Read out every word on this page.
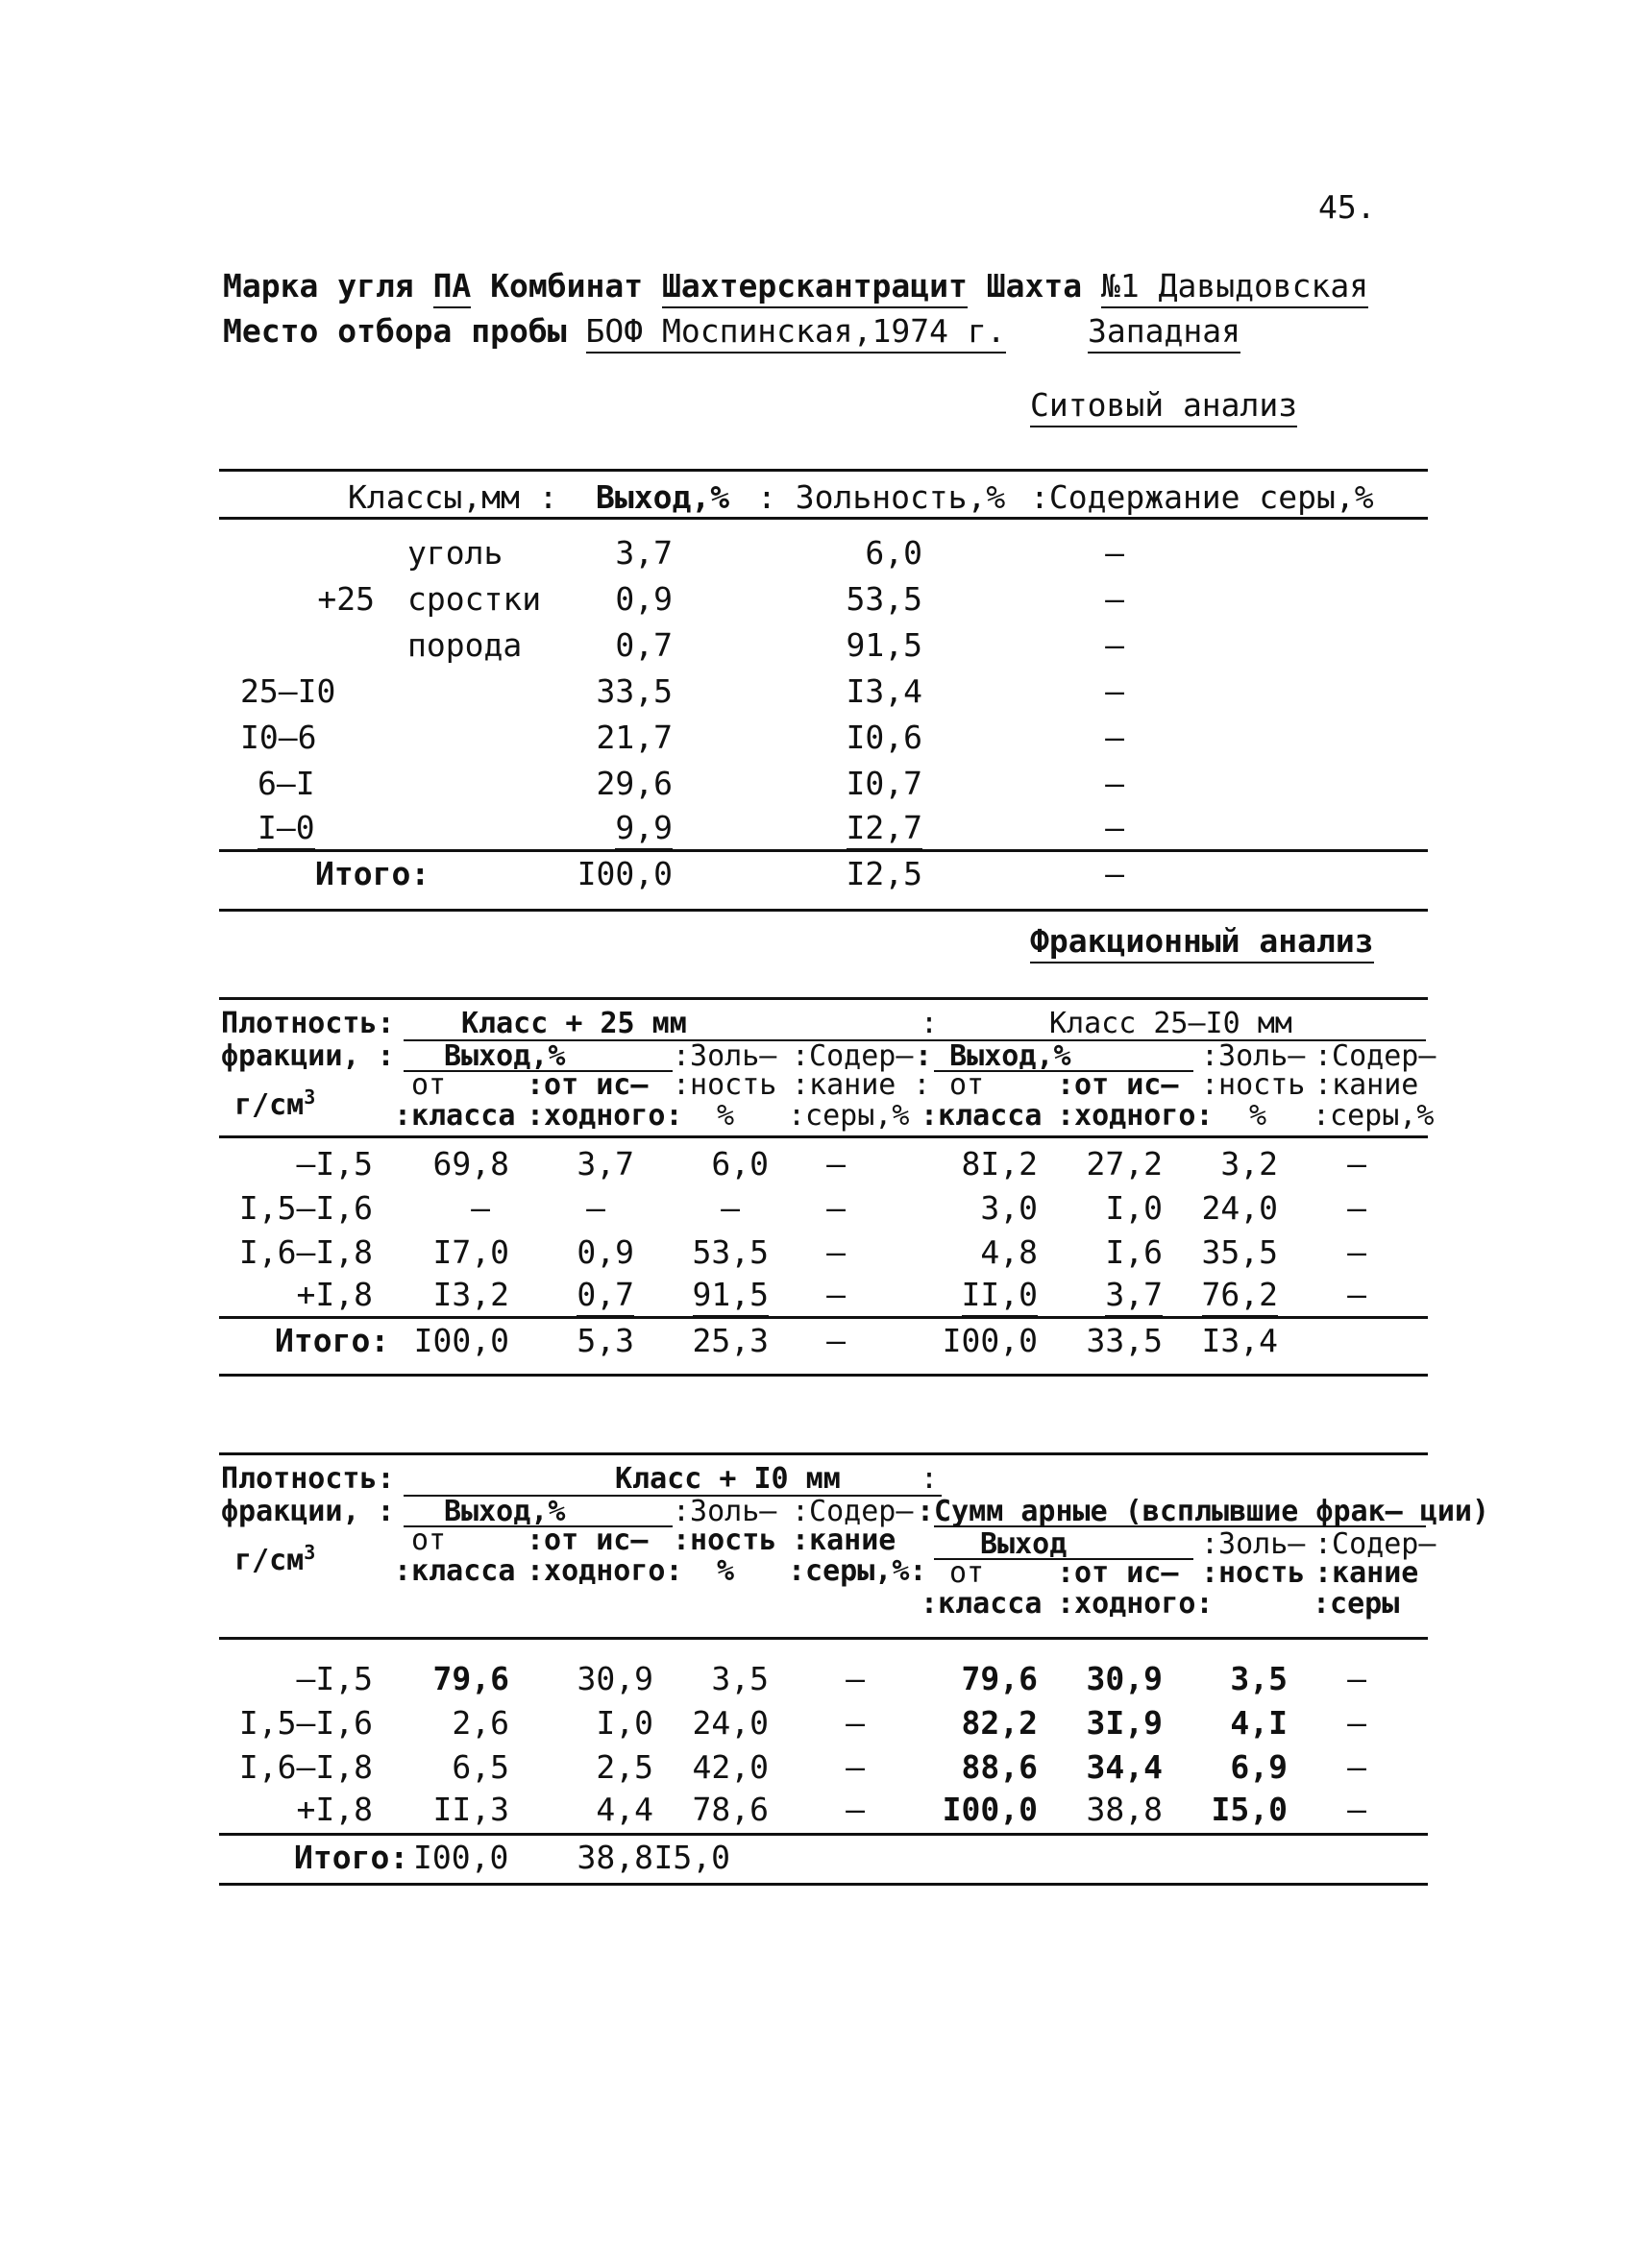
45.
Марка угля ПА Комбинат Шахтерскантрацит Шахта №1 Давыдовская
Место отбора пробы БОФ Моспинская,1974 г.	Западная
Ситовый анализ
Классы,мм : Выход,% : Зольность,% :Содержание серы,%
уголь	3,7	6,0	–
+25 сростки	0,9	53,5	–
порода	0,7	91,5	–
25–I0	33,5	I3,4	–
I0–6	21,7	I0,6	–
6–I	29,6	I0,7	–
I–0	9,9	I2,7	–
Итого:	I00,0	I2,5	–
Фракционный анализ
Плотность:
фракции, :
$г/см^3$
Класс + 25 мм	:	Класс 25–I0 мм
Выход,%	:Золь– :Содер– : Выход,%	:Золь– :Содер–
от	:от ис– :ность :кание : от	:от ис– :ность :кание
:класса :ходного: % :серы,% :класса :ходного: % :серы,%
–I,5	69,8	3,7	6,0	–	8I,2	27,2	3,2	–
I,5–I,6	–	–	–	–	3,0	I,0	24,0	–
I,6–I,8	I7,0	0,9	53,5	–	4,8	I,6	35,5	–
+I,8	I3,2	0,7	91,5	–	II,0	3,7	76,2	–
Итого: I00,0	5,3	25,3	–	I00,0	33,5	I3,4
Плотность:
фракции, :
$г/см^3$
Класс + I0 мм	:
:Сумм арные (всплывшие фрак– ции)
Выход,%	:Золь– :Содер–
от	:от ис– :ность :кание	Выход	:Золь– :Содер–
:класса :ходного: % :серы,%: от	:от ис– :ность :кание
:класса :ходного:	:серы
–I,5	79,6	30,9	3,5	–	79,6	30,9	3,5	–
I,5–I,6	2,6	I,0	24,0	–	82,2	3I,9	4,I	–
I,6–I,8	6,5	2,5	42,0	–	88,6	34,4	6,9	–
+I,8	II,3	4,4	78,6	–	I00,0	38,8	I5,0	–
Итого: I00,0	38,8 I5,0
